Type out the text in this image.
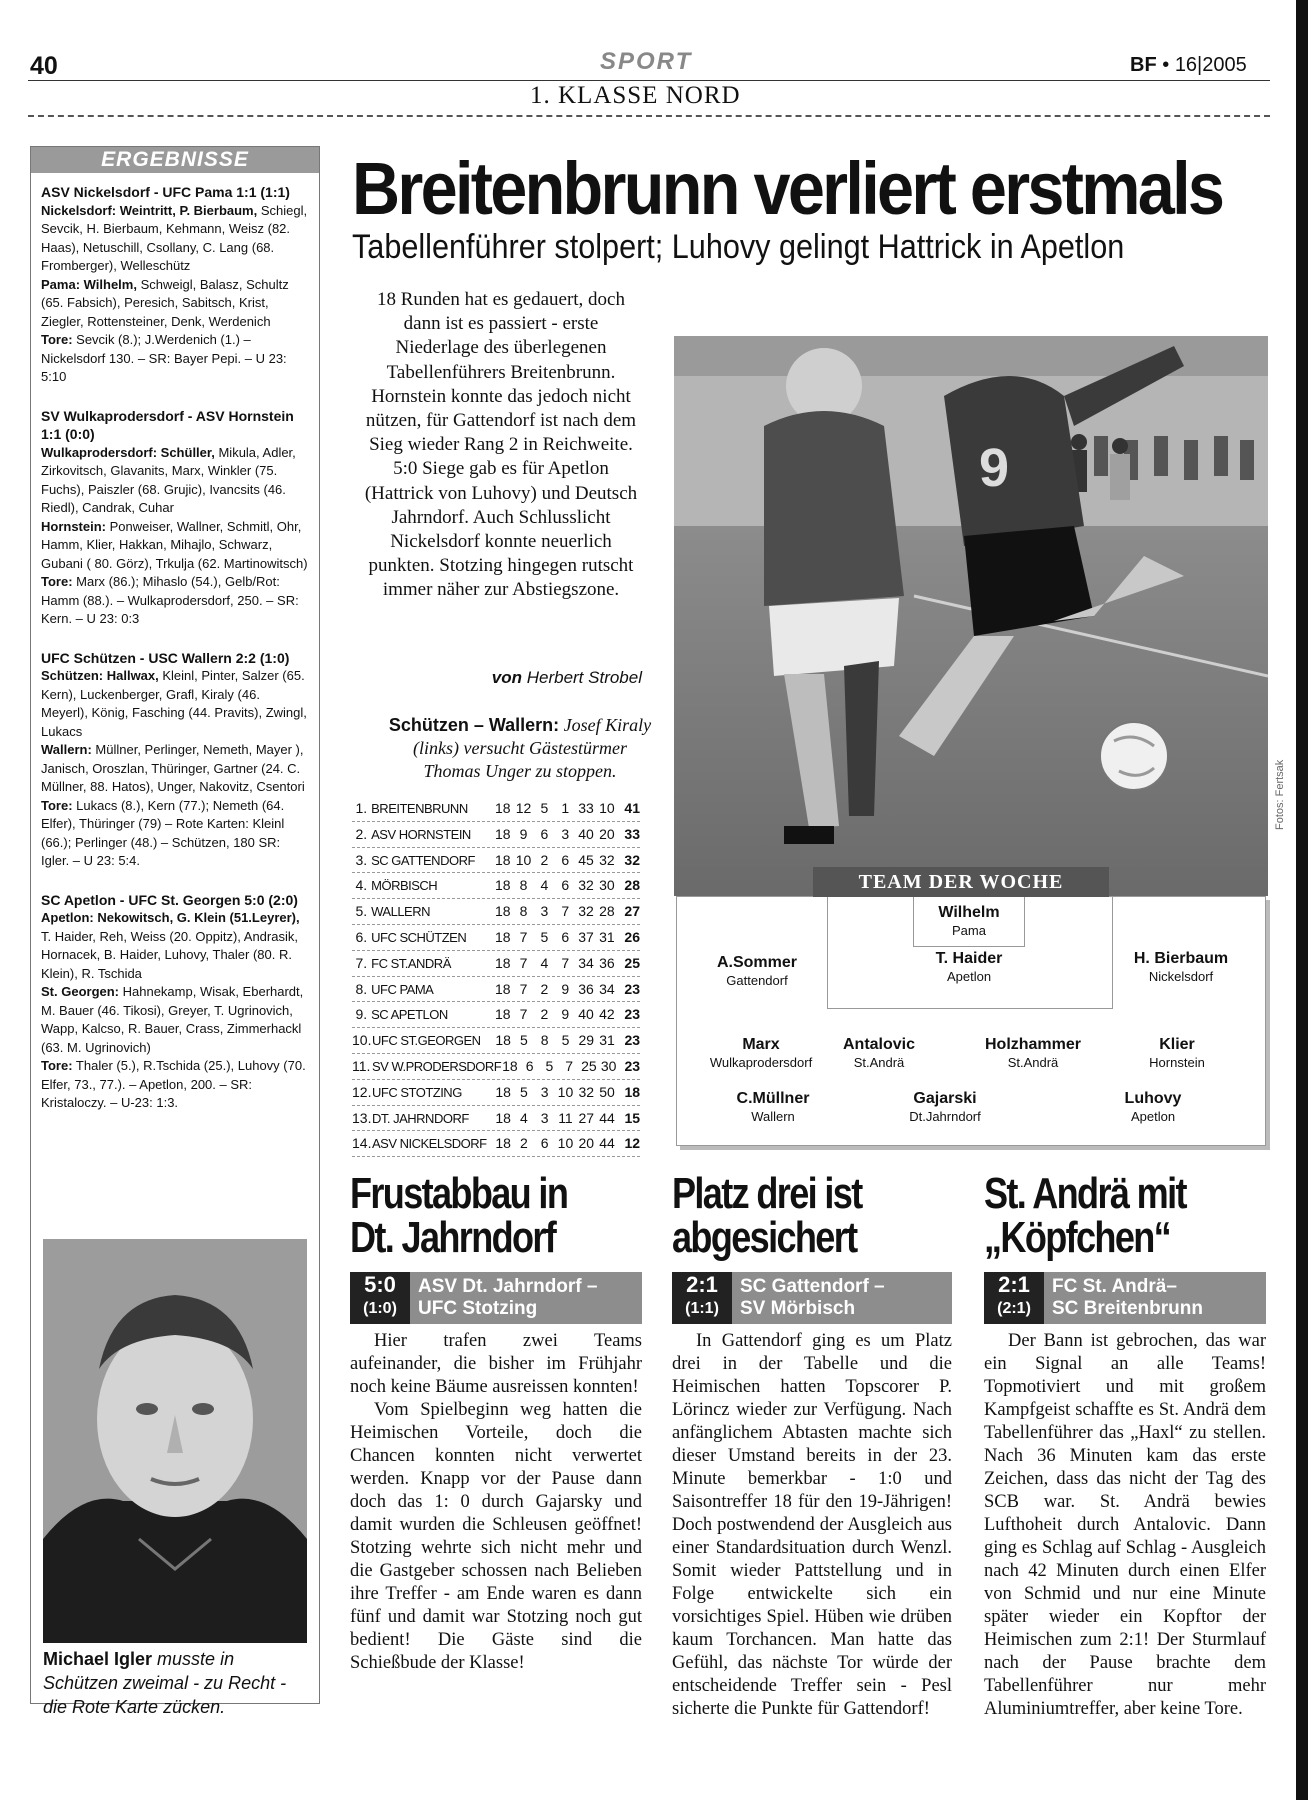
40	SPORT	BF • 16|2005
1. KLASSE NORD
ERGEBNISSE
ASV Nickelsdorf - UFC Pama 1:1 (1:1)

Nickelsdorf: Weintritt, P. Bierbaum, Schiegl, Sevcik, H. Bierbaum, Kehmann, Weisz (82. Haas), Netuschill, Csollany, C. Lang (68. Fromberger), Welleschütz

Pama: Wilhelm, Schweigl, Balasz, Schultz (65. Fabsich), Peresich, Sabitsch, Krist, Ziegler, Rottensteiner, Denk, Werdenich

Tore: Sevcik (8.); J.Werdenich (1.) – Nickelsdorf 130. – SR: Bayer Pepi. – U 23: 5:10

SV Wulkaprodersdorf - ASV Hornstein 1:1 (0:0)

Wulkaprodersdorf: Schüller, Mikula, Adler, Zirkovitsch, Glavanits, Marx, Winkler (75. Fuchs), Paiszler (68. Grujic), Ivancsits (46. Riedl), Candrak, Cuhar

Hornstein: Ponweiser, Wallner, Schmitl, Ohr, Hamm, Klier, Hakkan, Mihajlo, Schwarz, Gubani ( 80. Görz), Trkulja (62. Martinowitsch)

Tore: Marx (86.); Mihaslo (54.), Gelb/Rot: Hamm (88.). – Wulkaprodersdorf, 250. – SR: Kern. – U 23: 0:3

UFC Schützen - USC Wallern 2:2 (1:0)

Schützen: Hallwax, Kleinl, Pinter, Salzer (65. Kern), Luckenberger, Grafl, Kiraly (46. Meyerl), König, Fasching (44. Pravits), Zwingl, Lukacs

Wallern: Müllner, Perlinger, Nemeth, Mayer ), Janisch, Oroszlan, Thüringer, Gartner (24. C. Müllner, 88. Hatos), Unger, Nakovitz, Csentori

Tore: Lukacs (8.), Kern (77.); Nemeth (64. Elfer), Thüringer (79) – Rote Karten: Kleinl (66.); Perlinger (48.) – Schützen, 180 SR: Igler. – U 23: 5:4.

SC Apetlon - UFC St. Georgen 5:0 (2:0)

Apetlon: Nekowitsch, G. Klein (51.Leyrer), T. Haider, Reh, Weiss (20. Oppitz), Andrasik, Hornacek, B. Haider, Luhovy, Thaler (80. R. Klein), R. Tschida

St. Georgen: Hahnekamp, Wisak, Eberhardt, M. Bauer (46. Tikosi), Greyer, T. Ugrinovich, Wapp, Kalcso, R. Bauer, Crass, Zimmerhackl (63. M. Ugrinovich)

Tore: Thaler (5.), R.Tschida (25.), Luhovy (70. Elfer, 73., 77.). – Apetlon, 200. – SR: Kristaloczy. – U-23: 1:3.

Michael Igler musste in Schützen zweimal - zu Recht - die Rote Karte zücken.
Breitenbrunn verliert erstmals
Tabellenführer stolpert; Luhovy gelingt Hattrick in Apetlon
18 Runden hat es gedauert, doch dann ist es passiert - erste Niederlage des überlegenen Tabellenführers Breitenbrunn. Hornstein konnte das jedoch nicht nützen, für Gattendorf ist nach dem Sieg wieder Rang 2 in Reichweite. 5:0 Siege gab es für Apetlon (Hattrick von Luhovy) und Deutsch Jahrndorf. Auch Schlusslicht Nickelsdorf konnte neuerlich punkten. Stotzing hingegen rutscht immer näher zur Abstiegszone.
von Herbert Strobel
Schützen – Wallern: Josef Kiraly (links) versucht Gästestürmer Thomas Unger zu stoppen.
1. BREITENBRUNN	18 12 5 1 33 10 41
2. ASV HORNSTEIN	18 9 6 3 40 20 33
3. SC GATTENDORF	18 10 2 6 45 32 32
4. MÖRBISCH	18 8 4 6 32 30 28
5. WALLERN	18 8 3 7 32 28 27
6. UFC SCHÜTZEN	18 7 5 6 37 31 26
7. FC ST.ANDRÄ	18 7 4 7 34 36 25
8. UFC PAMA	18 7 2 9 36 34 23
9. SC APETLON	18 7 2 9 40 42 23
10. UFC ST.GEORGEN	18 5 8 5 29 31 23
11. SV W.PRODERSDORF 18 6 5 7 25 30 23
12. UFC STOTZING	18 5 3 10 32 50 18
13. DT. JAHRNDORF	18 4 3 11 27 44 15
14. ASV NICKELSDORF 18 2 6 10 20 44 12
9
Fotos: Fertsak
TEAM DER WOCHE
Wilhelm
Pama
A.Sommer
Gattendorf
T. Haider
Apetlon
H. Bierbaum
Nickelsdorf
Marx
Wulkaprodersdorf
Antalovic
St.Andrä
Holzhammer
St.Andrä
Klier
Hornstein
C.Müllner
Wallern
Gajarski
Dt.Jahrndorf
Luhovy
Apetlon
Frustabbau in
Dt. Jahrndorf
5:0
(1:0)
ASV Dt. Jahrndorf –
UFC Stotzing

Hier trafen zwei Teams aufeinander, die bisher im Frühjahr noch keine Bäume ausreissen konnten!

Vom Spielbeginn weg hatten die Heimischen Vorteile, doch die Chancen konnten nicht verwertet werden. Knapp vor der Pause dann doch das 1: 0 durch Gajarsky und damit wurden die Schleusen geöffnet! Stotzing wehrte sich nicht mehr und die Gastgeber schossen nach Belieben ihre Treffer - am Ende waren es dann fünf und damit war Stotzing noch gut bedient! Die Gäste sind die Schießbude der Klasse!

Platz drei ist
abgesichert
2:1
(1:1)
SC Gattendorf –
SV Mörbisch

In Gattendorf ging es um Platz drei in der Tabelle und die Heimischen hatten Topscorer P. Lörincz wieder zur Verfügung. Nach anfänglichem Abtasten machte sich dieser Umstand bereits in der 23. Minute bemerkbar - 1:0 und Saisontreffer 18 für den 19-Jährigen! Doch postwendend der Ausgleich aus einer Standardsituation durch Wenzl. Somit wieder Pattstellung und in Folge entwickelte sich ein vorsichtiges Spiel. Hüben wie drüben kaum Torchancen. Man hatte das Gefühl, das nächste Tor würde der entscheidende Treffer sein - Pesl sicherte die Punkte für Gattendorf!

St. Andrä mit
„Köpfchen“
2:1
(2:1)
FC St. Andrä–
SC Breitenbrunn

Der Bann ist gebrochen, das war ein Signal an alle Teams! Topmotiviert und mit großem Kampfgeist schaffte es St. Andrä dem Tabellenführer das „Haxl“ zu stellen. Nach 36 Minuten kam das erste Zeichen, dass das nicht der Tag des SCB war. St. Andrä bewies Lufthoheit durch Antalovic. Dann ging es Schlag auf Schlag - Ausgleich nach 42 Minuten durch einen Elfer von Schmid und nur eine Minute später wieder ein Kopftor der Heimischen zum 2:1! Der Sturmlauf nach der Pause brachte dem Tabellenführer nur mehr Aluminiumtreffer, aber keine Tore.
